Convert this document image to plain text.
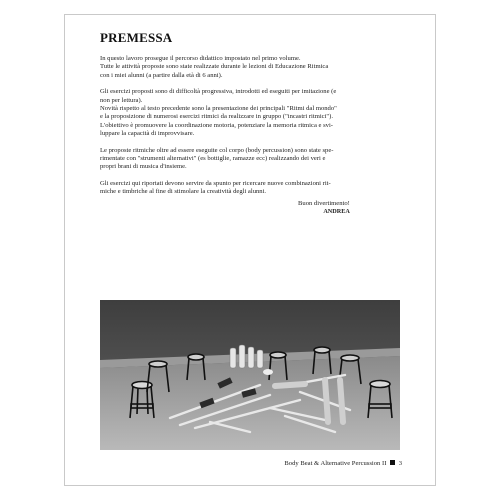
PREMESSA
In questo lavoro prosegue il percorso didattico impostato nel primo volume.
Tutte le attività proposte sono state realizzate durante le lezioni di Educazione Ritmica
con i miei alunni (a partire dalla età di 6 anni).
Gli esercizi proposti sono di difficoltà progressiva, introdotti ed eseguiti per imitazione (e
non per lettura).
Novità rispetto al testo precedente sono la presentazione dei principali "Ritmi dal mondo"
e la proposizione di numerosi esercizi ritmici da realizzare in gruppo ("incastri ritmici").
L'obiettivo è promuovere la coordinazione motoria, potenziare la memoria ritmica e svi-
luppare la capacità di improvvisare.
Le proposte ritmiche oltre ad essere eseguite col corpo (body percussion) sono state spe-
rimentate con "strumenti alternativi" (es bottiglie, ramazze ecc) realizzando dei veri e
propri brani di musica d'insieme.
Gli esercizi qui riportati devono servire da spunto per ricercare nuove combinazioni rit-
miche e timbriche al fine di stimolare la creatività degli alunni.
Buon divertimento!
ANDREA
Body Beat & Alternative Percussion II 3
